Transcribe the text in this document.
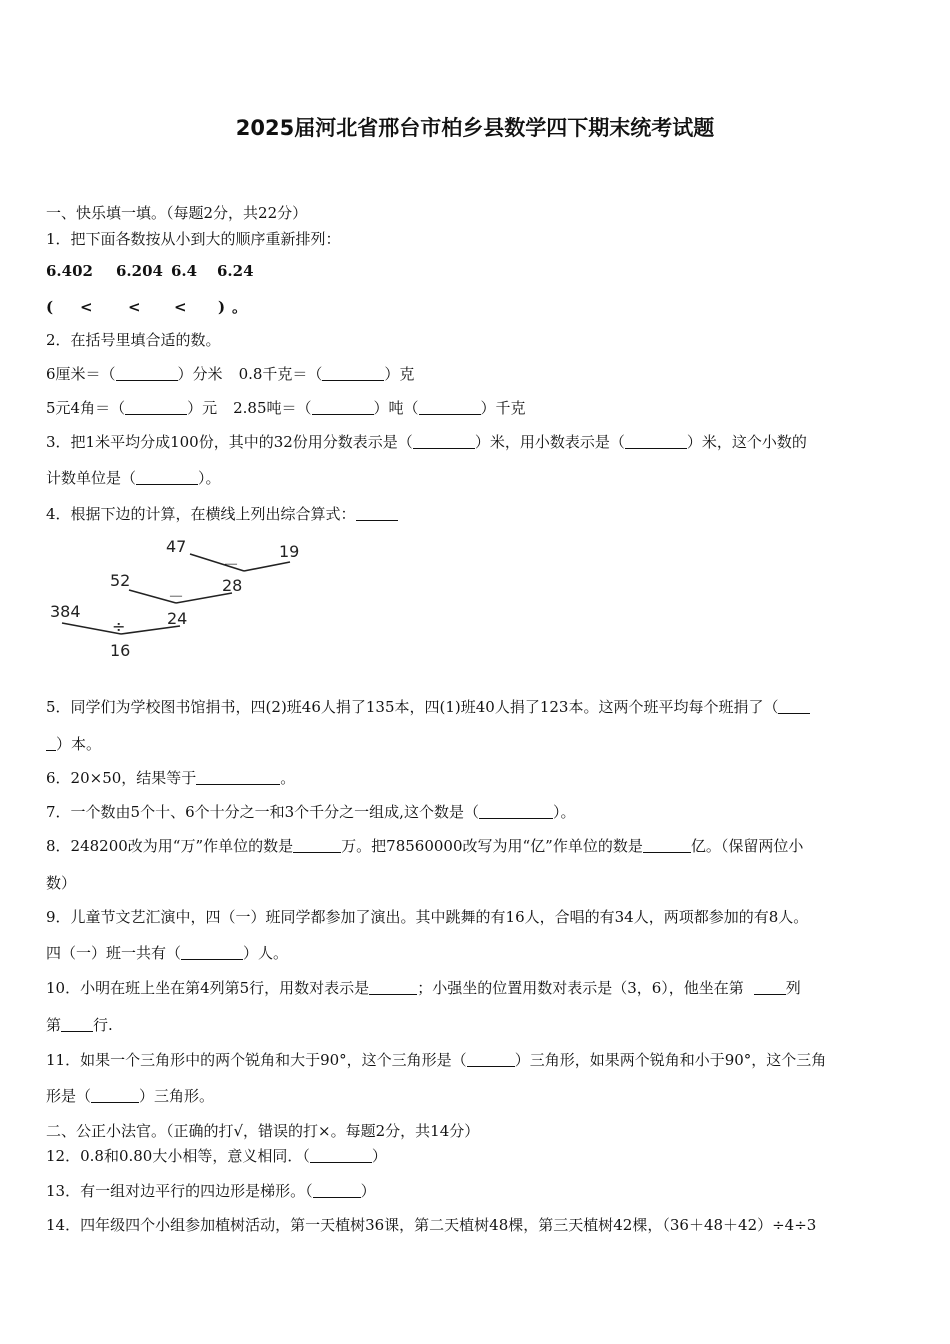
2025届河北省邢台市柏乡县数学四下期末统考试题
一、快乐填一填。（每题2分，共22分）
1．把下面各数按从小到大的顺序重新排列：
6.402 6.204 6.4 6.24
( < < < ) 。
2．在括号里填合适的数。
6厘米＝（	）分米 0.8千克＝（	）克
5元4角＝（	）元 2.85吨＝（	）吨（	）千克
3．把1米平均分成100份，其中的32份用分数表示是（	）米，用小数表示是（	）米，这个小数的
计数单位是（	）。
4．根据下边的计算，在横线上列出综合算式：
47	19
－
28
52
－
24
384
÷
16
5．同学们为学校图书馆捐书，四(2)班46人捐了135本，四(1)班40人捐了123本。这两个班平均每个班捐了（
）本。
6．20×50，结果等于	。
7．一个数由5个十、6个十分之一和3个千分之一组成,这个数是（	）。
8．248200改为用“万”作单位的数是	万。把78560000改写为用“亿”作单位的数是	亿。（保留两位小
数）
9．儿童节文艺汇演中，四（一）班同学都参加了演出。其中跳舞的有16人，合唱的有34人，两项都参加的有8人。
四（一）班一共有（	）人。
10．小明在班上坐在第4列第5行，用数对表示是	；小强坐的位置用数对表示是（3，6），他坐在第	列
第 行.
11．如果一个三角形中的两个锐角和大于90°，这个三角形是（	）三角形，如果两个锐角和小于90°，这个三角
形是（	）三角形。
二、公正小法官。（正确的打√，错误的打×。每题2分，共14分）
12．0.8和0.80大小相等，意义相同．（	）
13．有一组对边平行的四边形是梯形。（	）
14．四年级四个小组参加植树活动，第一天植树36课，第二天植树48棵，第三天植树42棵，（36＋48＋42）÷4÷3
